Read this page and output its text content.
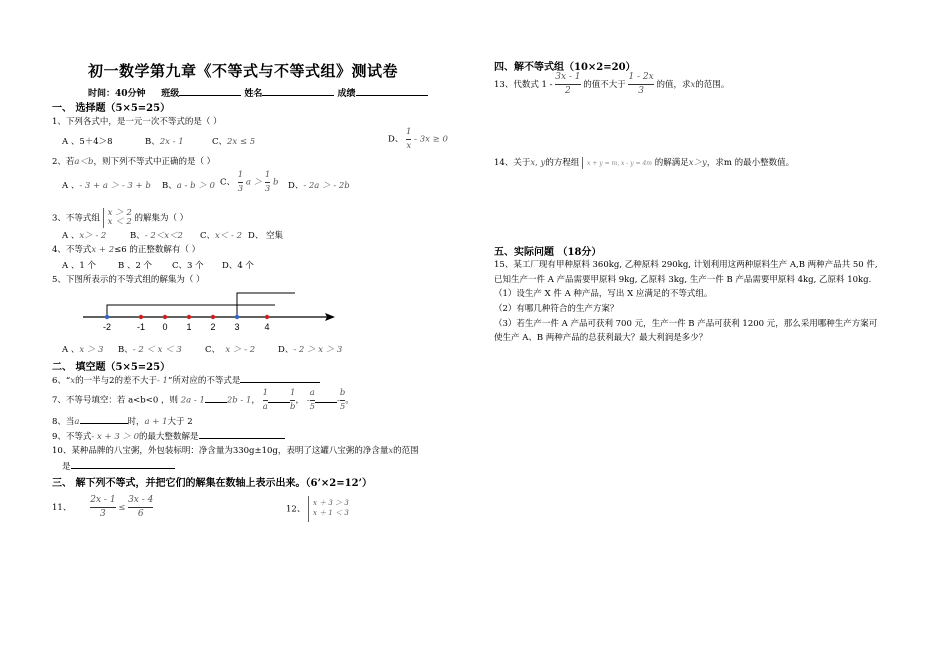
初一数学第九章《不等式与不等式组》测试卷
时间：40分钟 班级	姓名	成绩
一、 选择题（5×5=25）
1、下列各式中，是一元一次不等式的是（ ）
A 、5＋4＞8	B、2x - 1	C、2x ≤ 5	D、 $\frac{1}{x} - 3x \ge 0$
2、若a＜b，则下列不等式中正确的是（ ）
A 、- 3 + a ＞ - 3 + b B、a - b ＞ 0 C、 $\frac{1}{3}$ $a > \frac{1}{3}$ b D、- 2a ＞ - 2b
3、不等式组
x ＞ 2
x ＜ 2 的解集为（ ）
A 、x＞ - 2	B、- 2＜x＜2 C、x＜ - 2 D、 空集
4、不等式x + 2≤6 的正整数解有（ ）
A 、1 个	B 、2 个 C、3 个 D、4 个
5、下图所表示的不等式组的解集为（ ）
-2	-1 0 1 2 3	4
A 、x ＞ 3 B、- 2 ＜ x ＜ 3	C、 x ＞ - 2	D、- 2 ＞ x ＞ 3
二、 填空题（5×5=25）
6、“x的一半与2的差不大于- 1”所对应的不等式是
7、不等号填空：若 a<b<0 ，则 2a - 1	2b - 1， $\frac{1}{a}$	$\frac{1}{b}$ ， - $\frac{a}{5}$	- $\frac{b}{5}$ 。
8、当a	时，a + 1大于 2
9、不等式- x + 3 ＞ 0的最大整数解是
10、某种品牌的八宝粥，外包装标明：净含量为330g±10g，表明了这罐八宝粥的净含量x的范围
是
三、 解下列不等式，并把它们的解集在数轴上表示出来。（6’×2=12’）
11、 $\frac{2x - 1}{3} \le \frac{3x - 4}{6}$	12、
x ＋ 3 ＞ 3
x ＋ 1 ＜ 3
四、解不等式组（10×2=20）
13、代数式 $1 - \frac{3x - 1}{2}$ 的值不大于 $\frac{1 - 2x}{3}$ 的值，求x的范围。
14、关于x, y的方程组 x + y = m, x - y = 4m 的解满足x＞y，求m 的最小整数值。
五、实际问题 （18分）
15、某工厂现有甲种原料 360kg, 乙种原料 290kg, 计划利用这两种原料生产 A,B 两种产品共 50 件,
已知生产一件 A 产品需要甲原料 9kg, 乙原料 3kg, 生产一件 B 产品需要甲原料 4kg, 乙原料 10kg.
（1）设生产 X 件 A 种产品，写出 X 应满足的不等式组。
（2）有哪几种符合的生产方案？
（3）若生产一件 A 产品可获利 700 元，生产一件 B 产品可获利 1200 元，那么采用哪种生产方案可
使生产 A、B 两种产品的总获利最大？最大利润是多少？
